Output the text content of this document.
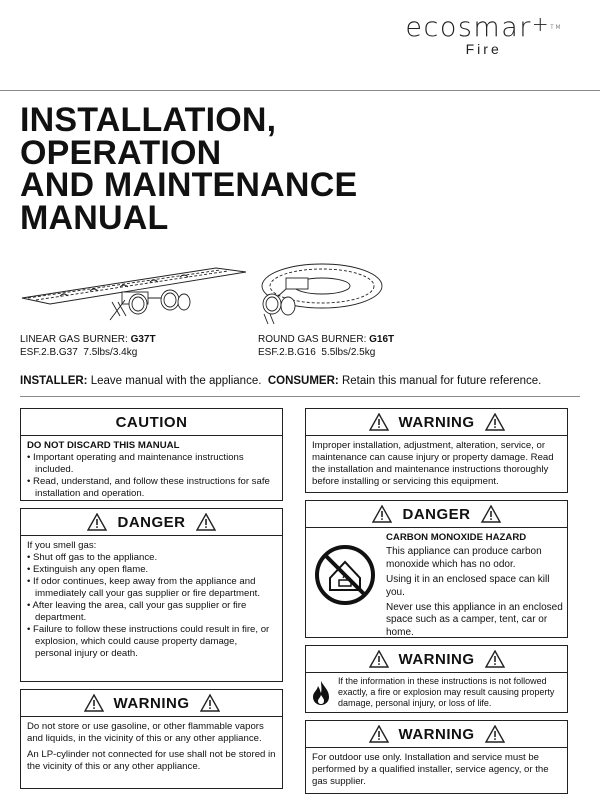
ecosmar$^{+TM}$
Fire
INSTALLATION,
OPERATION
AND MAINTENANCE
MANUAL
LINEAR GAS BURNER: G37T
ESF.2.B.G37 7.5lbs/3.4kg
ROUND GAS BURNER: G16T
ESF.2.B.G16 5.5lbs/2.5kg
INSTALLER: Leave manual with the appliance. CONSUMER: Retain this manual for future reference.
CAUTION
DO NOT DISCARD THIS MANUAL
• Important operating and maintenance instructions included.
• Read, understand, and follow these instructions for safe installation and operation.
DANGER
If you smell gas:
• Shut off gas to the appliance.
• Extinguish any open flame.
• If odor continues, keep away from the appliance and immediately call your gas supplier or fire department.
• After leaving the area, call your gas supplier or fire department.
• Failure to follow these instructions could result in fire, or explosion, which could cause property damage, personal injury or death.
WARNING

Do not store or use gasoline, or other flammable vapors and liquids, in the vicinity of this or any other appliance.

An LP-cylinder not connected for use shall not be stored in the vicinity of this or any other appliance.

WARNING

Improper installation, adjustment, alteration, service, or maintenance can cause injury or property damage. Read the installation and maintenance instructions thoroughly before installing or servicing this equipment.

DANGER
CARBON MONOXIDE HAZARD

This appliance can produce carbon monoxide which has no odor.

Using it in an enclosed space can kill you.

Never use this appliance in an enclosed space such as a camper, tent, car or home.

WARNING

If the information in these instructions is not followed exactly, a fire or explosion may result causing property damage, personal injury, or loss of life.

WARNING

For outdoor use only. Installation and service must be performed by a qualified installer, service agency, or the gas supplier.
